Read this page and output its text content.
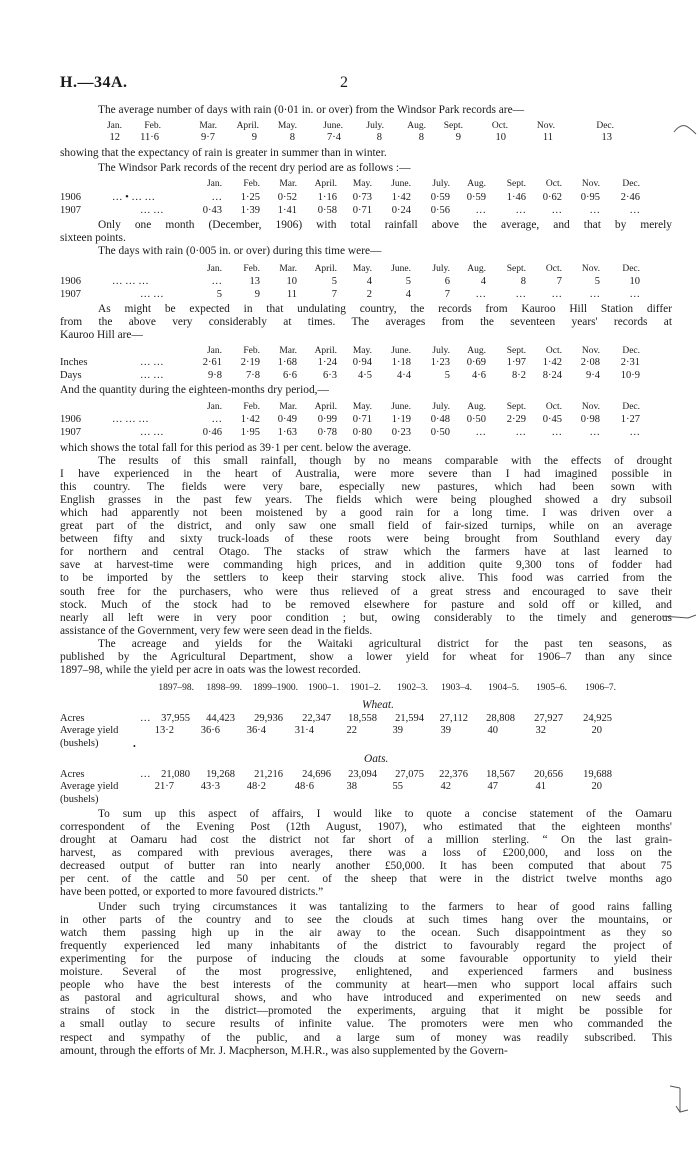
H.—34A.	2
The average number of days with rain (0·01 in. or over) from the Windsor Park records are—
Jan. Feb.	Mar. April. May.	June. July. Aug. Sept.	Oct.	Nov.	Dec.
12 11·6	9·7	9	8	7·4	8	8	9	10	11	13
showing that the expectancy of rain is greater in summer than in winter.
The Windsor Park records of the recent dry period are as follows :—
Jan. Feb. Mar. April. May. June. July. Aug. Sept. Oct. Nov. Dec.
1906	… • … …	… 1·25 0·52 1·16 0·73 1·42 0·59 0·59 1·46 0·62 0·95 2·46
1907	… …	0·43 1·39 1·41 0·58 0·71 0·24 0·56 …	… …	…	…
Only one month (December, 1906) with total rainfall above the average, and that by merely
sixteen points.
The days with rain (0·005 in. or over) during this time were—
Jan. Feb. Mar. April. May. June. July. Aug. Sept. Oct. Nov. Dec.
1906	… … …	…	13	10	5	4	5	6	4	8	7	5	10
1907	… …	5	9	11	7	2	4	7 …	… …	…	…
As might be expected in that undulating country, the records from Kauroo Hill Station differ
from the above very considerably at times. The averages from the seventeen years' records at
Kauroo Hill are—
Jan. Feb. Mar. April. May. June. July. Aug. Sept. Oct. Nov. Dec.
Inches	… …	2·61 2·19 1·68 1·24 0·94 1·18 1·23 0·69 1·97 1·42 2·08 2·31
Days	… …	9·8 7·8 6·6 6·3 4·5 4·4	5 4·6 8·2 8·24 9·4 10·9
And the quantity during the eighteen-months dry period,—
Jan. Feb. Mar. April. May. June. July. Aug. Sept. Oct. Nov. Dec.
1906	… … …	… 1·42 0·49 0·99 0·71 1·19 0·48 0·50 2·29 0·45 0·98 1·27
1907	… …	0·46 1·95 1·63 0·78 0·80 0·23 0·50 …	… …	…	…
which shows the total fall for this period as 39·1 per cent. below the average.
The results of this small rainfall, though by no means comparable with the effects of drought
I have experienced in the heart of Australia, were more severe than I had imagined possible in
this country. The fields were very bare, especially new pastures, which had been sown with
English grasses in the past few years. The fields which were being ploughed showed a dry subsoil
which had apparently not been moistened by a good rain for a long time. I was driven over a
great part of the district, and only saw one small field of fair-sized turnips, while on an average
between fifty and sixty truck-loads of these roots were being brought from Southland every day
for northern and central Otago. The stacks of straw which the farmers have at last learned to
save at harvest-time were commanding high prices, and in addition quite 9,300 tons of fodder had
to be imported by the settlers to keep their starving stock alive. This food was carried from the
south free for the purchasers, who were thus relieved of a great stress and encouraged to save their
stock. Much of the stock had to be removed elsewhere for pasture and sold off or killed, and
nearly all left were in very poor condition ; but, owing considerably to the timely and generous
assistance of the Government, very few were seen dead in the fields.
The acreage and yields for the Waitaki agricultural district for the past ten seasons, as
published by the Agricultural Department, show a lower yield for wheat for 1906–7 than any since
1897–98, while the yield per acre in oats was the lowest recorded.
1897–98. 1898–99. 1899–1900. 1900–1. 1901–2. 1902–3. 1903–4. 1904–5. 1905–6. 1906–7.
Wheat.
Acres	… 37,955 44,423 29,936 22,347 18,558 21,594 27,112 28,808 27,927 24,925
Average yield	13·2	36·6	36·4	31·4	22	39	39	40	32	20
(bushels)
Oats.
Acres	… 21,080 19,268 21,216 24,696 23,094 27,075 22,376 18,567 20,656 19,688
Average yield	21·7	43·3	48·2	48·6	38	55	42	47	41	20
(bushels)
•
To sum up this aspect of affairs, I would like to quote a concise statement of the Oamaru
correspondent of the Evening Post (12th August, 1907), who estimated that the eighteen months'
drought at Oamaru had cost the district not far short of a million sterling. “ On the last grain-
harvest, as compared with previous averages, there was a loss of £200,000, and loss on the
decreased output of butter ran into nearly another £50,000. It has been computed that about 75
per cent. of the cattle and 50 per cent. of the sheep that were in the district twelve months ago
have been potted, or exported to more favoured districts.”
Under such trying circumstances it was tantalizing to the farmers to hear of good rains falling
in other parts of the country and to see the clouds at such times hang over the mountains, or
watch them passing high up in the air away to the ocean. Such disappointment as they so
frequently experienced led many inhabitants of the district to favourably regard the project of
experimenting for the purpose of inducing the clouds at some favourable opportunity to yield their
moisture. Several of the most progressive, enlightened, and experienced farmers and business
people who have the best interests of the community at heart—men who support local affairs such
as pastoral and agricultural shows, and who have introduced and experimented on new seeds and
strains of stock in the district—promoted the experiments, arguing that it might be possible for
a small outlay to secure results of infinite value. The promoters were men who commanded the
respect and sympathy of the public, and a large sum of money was readily subscribed. This
amount, through the efforts of Mr. J. Macpherson, M.H.R., was also supplemented by the Govern-
